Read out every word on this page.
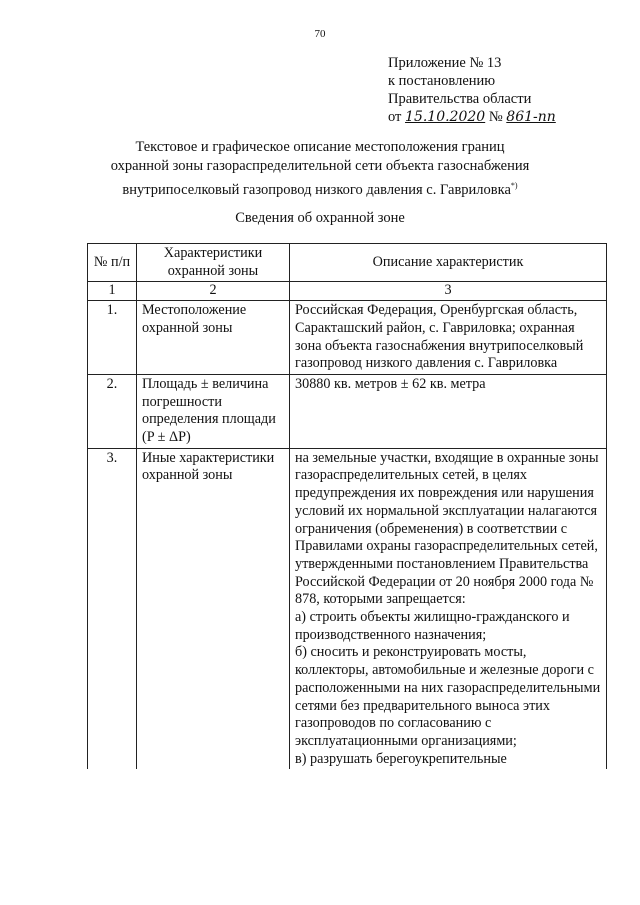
70
Приложение № 13
к постановлению
Правительства области
от 15.10.2020 № 861-пп
Текстовое и графическое описание местоположения границ
охранной зоны газораспределительной сети объекта газоснабжения
внутрипоселковый газопровод низкого давления с. Гавриловка*)
Сведения об охранной зоне
№ п/п	Характеристики охранной зоны	Описание характеристик
1	2	3
1.	Местоположение охранной зоны	Российская Федерация, Оренбургская область, Саракташский район, с. Гавриловка; охранная зона объекта газоснабжения внутрипоселковый газопровод низкого давления с. Гавриловка
2.	Площадь ± величина погрешности определения площади (P ± ΔP)	30880 кв. метров ± 62 кв. метра
3.	Иные характеристики охранной зоны	на земельные участки, входящие в охранные зоны газораспределительных сетей, в целях предупреждения их повреждения или нарушения условий их нормальной эксплуатации налагаются ограничения (обременения) в соответствии с Правилами охраны газораспределительных сетей, утвержденными постановлением Правительства Российской Федерации от 20 ноября 2000 года № 878, которыми запрещается:
а) строить объекты жилищно-гражданского и производственного назначения;
б) сносить и реконструировать мосты, коллекторы, автомобильные и железные дороги с расположенными на них газораспределительными сетями без предварительного выноса этих газопроводов по согласованию с эксплуатационными организациями;
в) разрушать берегоукрепительные
